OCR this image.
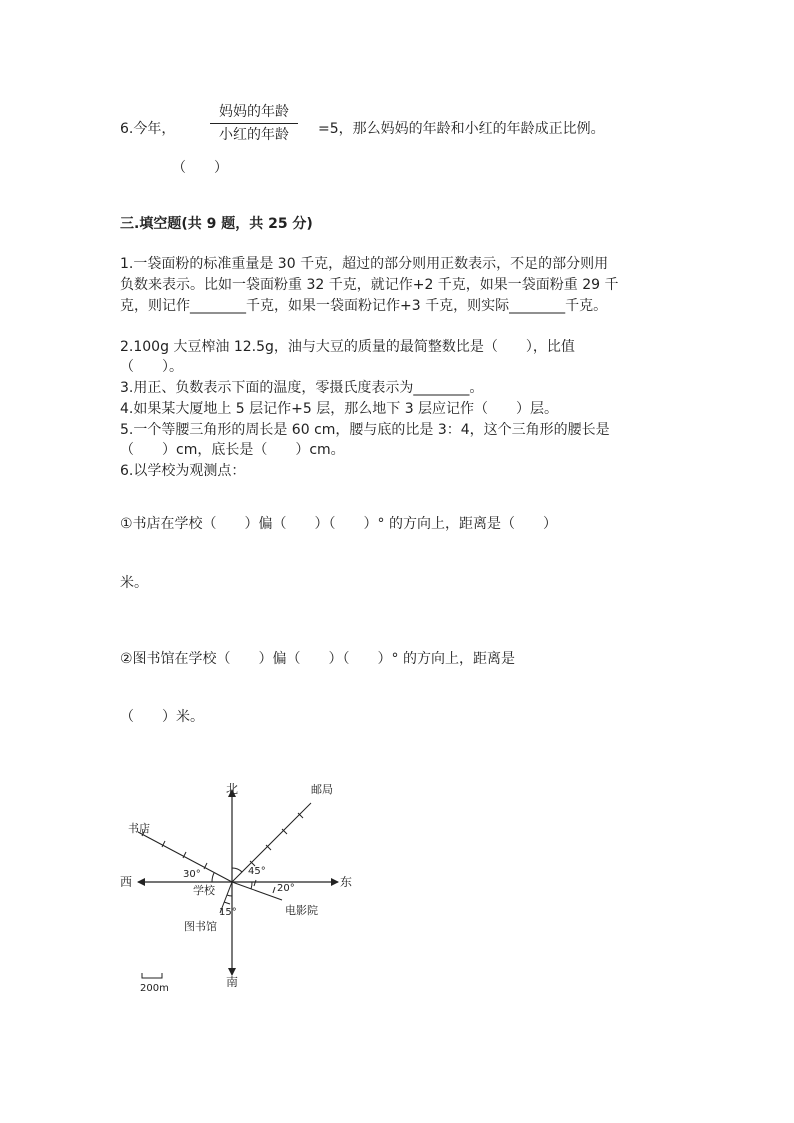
6.今年，
妈妈的年龄
小红的年龄	=5，那么妈妈的年龄和小红的年龄成正比例。
（　　）
三.填空题(共 9 题，共 25 分)
1.一袋面粉的标准重量是 30 千克，超过的部分则用正数表示，不足的部分则用
负数来表示。比如一袋面粉重 32 千克，就记作+2 千克，如果一袋面粉重 29 千
克，则记作________千克，如果一袋面粉记作+3 千克，则实际________千克。
2.100g 大豆榨油 12.5g，油与大豆的质量的最简整数比是（　　），比值
（　　）。
3.用正、负数表示下面的温度，零摄氏度表示为________。
4.如果某大厦地上 5 层记作+5 层，那么地下 3 层应记作（　　）层。
5.一个等腰三角形的周长是 60 cm，腰与底的比是 3：4，这个三角形的腰长是
（　　）cm，底长是（　　）cm。
6.以学校为观测点：
①书店在学校（　　）偏（　　）（　　）° 的方向上，距离是（　　）
米。
②图书馆在学校（　　）偏（　　）（　　）° 的方向上，距离是
（　　）米。
北
南
东
西
学校
邮局
书店
电影院
图书馆
30°	45°
20°
15°
200m
